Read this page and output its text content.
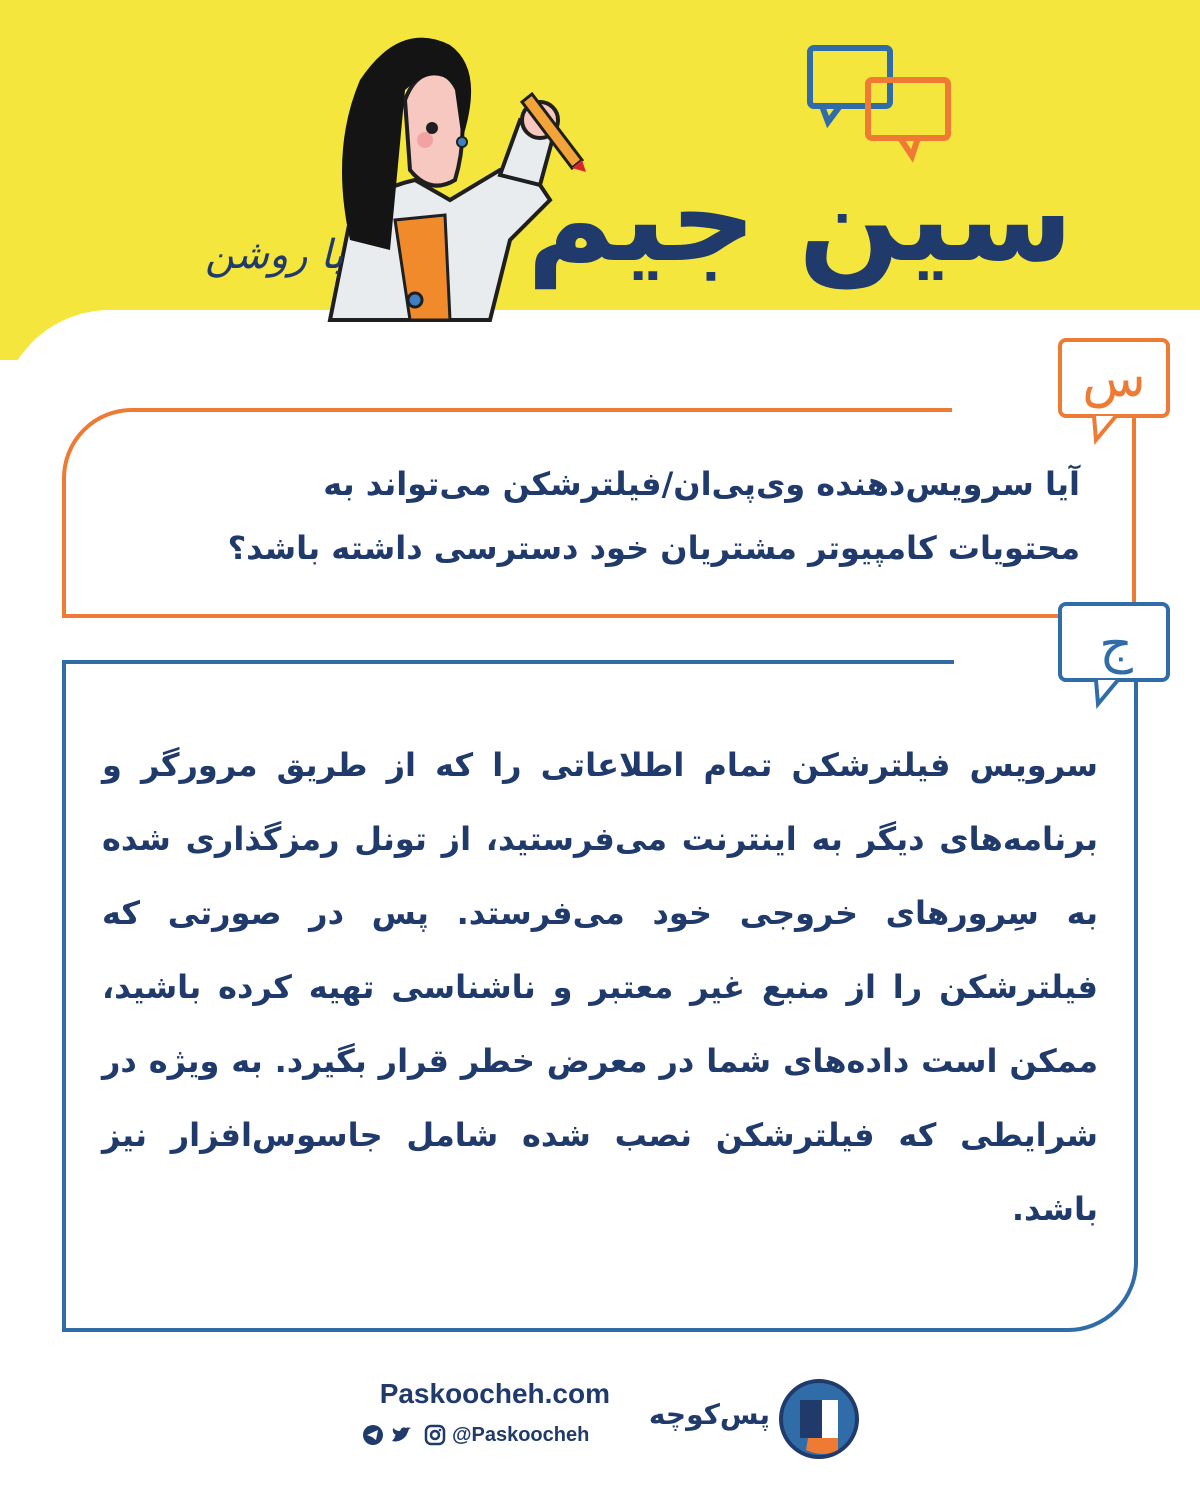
با روشن سین جیم
س
آیا سرویس‌دهنده وی‌پی‌ان/فیلترشکن می‌تواند به محتویات کامپیوتر مشتریان خود دسترسی داشته باشد؟
ج
سرویس فیلترشکن تمام اطلاعاتی را که از طریق مرورگر و برنامه‌های دیگر به اینترنت می‌فرستید، از تونل رمزگذاری شده به سِرورهای خروجی خود می‌فرستد. پس در صورتی که فیلترشکن را از منبع غیر معتبر و ناشناسی تهیه کرده باشید، ممکن است داده‌های شما در معرض خطر قرار بگیرد. به ویژه در شرایطی که فیلترشکن نصب شده شامل جاسوس‌افزار نیز باشد.
Paskoocheh.com
@Paskoocheh
پس‌کوچه
